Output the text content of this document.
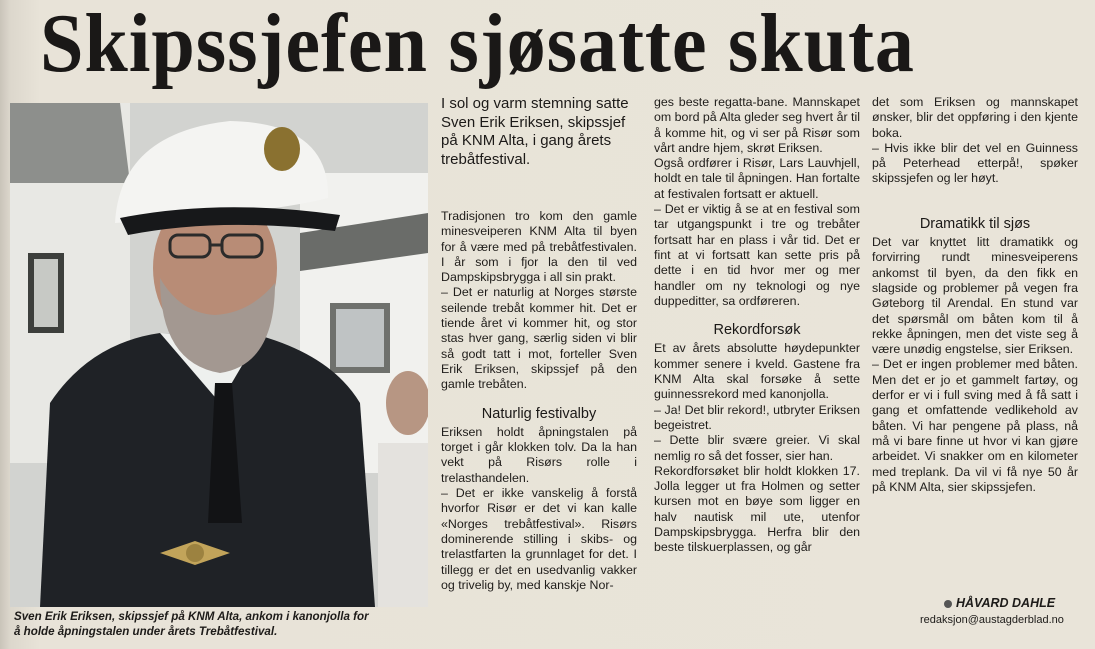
Skipssjefen sjøsatte skuta
Sven Erik Eriksen, skipssjef på KNM Alta, ankom i kanonjolla for
å holde åpningstalen under årets Trebåtfestival.
I sol og varm stemning satte Sven Erik Eriksen, skipssjef på KNM Alta, i gang årets trebåtfestival.

Tradisjonen tro kom den gamle minesveiperen KNM Alta til byen for å være med på trebåtfestivalen. I år som i fjor la den til ved Dampskipsbrygga i all sin prakt.

– Det er naturlig at Norges største seilende trebåt kommer hit. Det er tiende året vi kommer hit, og stor stas hver gang, særlig siden vi blir så godt tatt i mot, forteller Sven Erik Eriksen, skipssjef på den gamle trebåten.

Naturlig festivalby

Eriksen holdt åpningstalen på torget i går klokken tolv. Da la han vekt på Risørs rolle i trelasthandelen.

– Det er ikke vanskelig å forstå hvorfor Risør er det vi kan kalle «Norges trebåtfestival». Risørs dominerende stilling i skibs- og trelastfarten la grunnlaget for det. I tillegg er det en usedvanlig vakker og trivelig by, med kanskje Nor-

ges beste regatta-bane. Mannskapet om bord på Alta gleder seg hvert år til å komme hit, og vi ser på Risør som vårt andre hjem, skrøt Eriksen.

Også ordfører i Risør, Lars Lauvhjell, holdt en tale til åpningen. Han fortalte at festivalen fortsatt er aktuell.

– Det er viktig å se at en festival som tar utgangspunkt i tre og trebåter fortsatt har en plass i vår tid. Det er fint at vi fortsatt kan sette pris på dette i en tid hvor mer og mer handler om ny teknologi og nye duppeditter, sa ordføreren.

Rekordforsøk

Et av årets absolutte høydepunkter kommer senere i kveld. Gastene fra KNM Alta skal forsøke å sette guinnessrekord med kanonjolla.

– Ja! Det blir rekord!, utbryter Eriksen begeistret.

– Dette blir svære greier. Vi skal nemlig ro så det fosser, sier han.

Rekordforsøket blir holdt klokken 17. Jolla legger ut fra Holmen og setter kursen mot en bøye som ligger en halv nautisk mil ute, utenfor Dampskipsbrygga. Herfra blir den beste tilskuerplassen, og går

det som Eriksen og mannskapet ønsker, blir det oppføring i den kjente boka.

– Hvis ikke blir det vel en Guinness på Peterhead etterpå!, spøker skipssjefen og ler høyt.

Dramatikk til sjøs

Det var knyttet litt dramatikk og forvirring rundt minesveiperens ankomst til byen, da den fikk en slagside og problemer på vegen fra Gøteborg til Arendal. En stund var det spørsmål om båten kom til å rekke åpningen, men det viste seg å være unødig engstelse, sier Eriksen.

– Det er ingen problemer med båten. Men det er jo et gammelt fartøy, og derfor er vi i full sving med å få satt i gang et omfattende vedlikehold av båten. Vi har pengene på plass, nå må vi bare finne ut hvor vi kan gjøre arbeidet. Vi snakker om en kilometer med treplank. Da vil vi få nye 50 år på KNM Alta, sier skipssjefen.

HÅVARD DAHLE
redaksjon@austagderblad.no
